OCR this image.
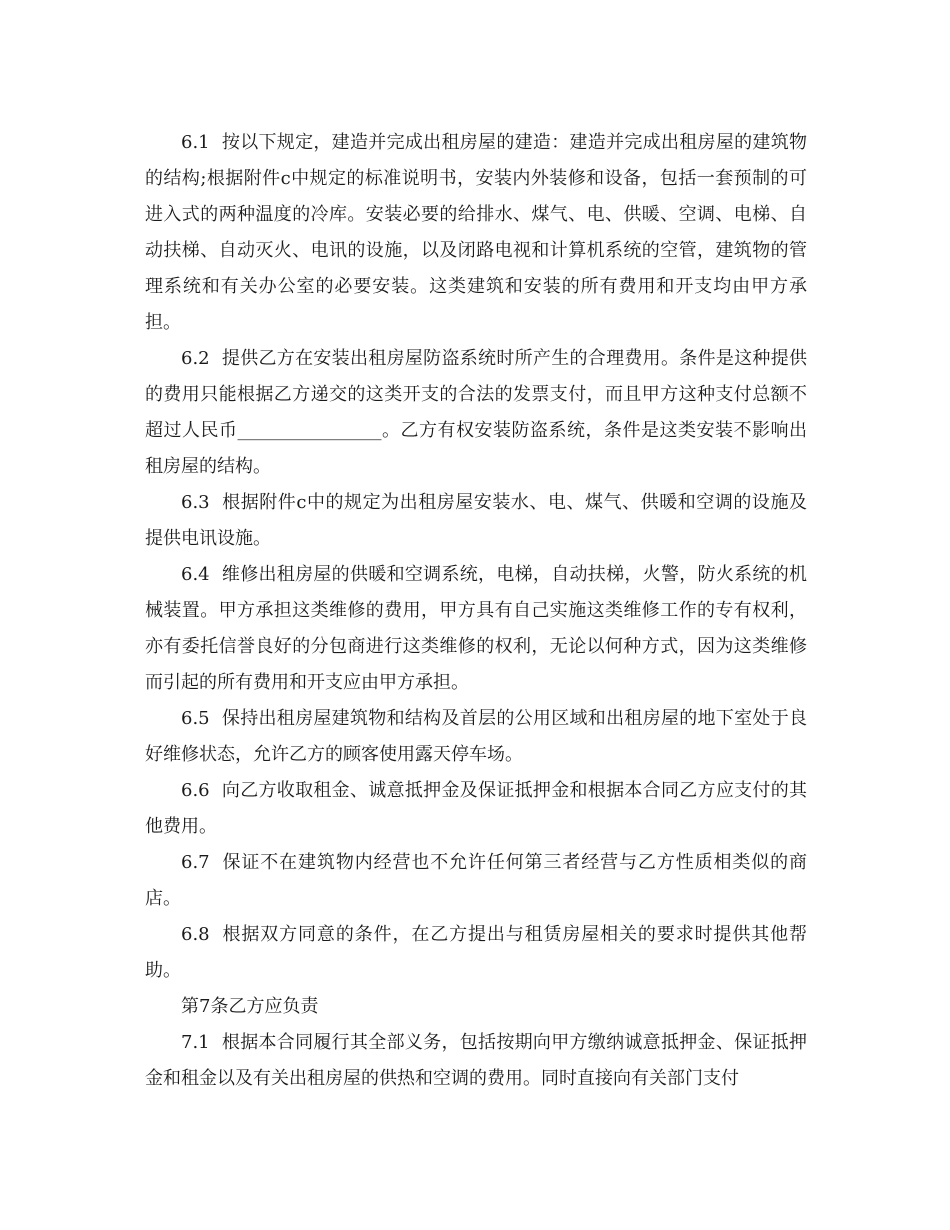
6.1 按以下规定，建造并完成出租房屋的建造：建造并完成出租房屋的建筑物的结构;根据附件c中规定的标准说明书，安装内外装修和设备，包括一套预制的可进入式的两种温度的冷库。安装必要的给排水、煤气、电、供暖、空调、电梯、自动扶梯、自动灭火、电讯的设施，以及闭路电视和计算机系统的空管，建筑物的管理系统和有关办公室的必要安装。这类建筑和安装的所有费用和开支均由甲方承担。

6.2 提供乙方在安装出租房屋防盗系统时所产生的合理费用。条件是这种提供的费用只能根据乙方递交的这类开支的合法的发票支付，而且甲方这种支付总额不超过人民币________________。乙方有权安装防盗系统，条件是这类安装不影响出租房屋的结构。

6.3 根据附件c中的规定为出租房屋安装水、电、煤气、供暖和空调的设施及提供电讯设施。

6.4 维修出租房屋的供暖和空调系统，电梯，自动扶梯，火警，防火系统的机械装置。甲方承担这类维修的费用，甲方具有自己实施这类维修工作的专有权利，亦有委托信誉良好的分包商进行这类维修的权利，无论以何种方式，因为这类维修而引起的所有费用和开支应由甲方承担。

6.5 保持出租房屋建筑物和结构及首层的公用区域和出租房屋的地下室处于良好维修状态，允许乙方的顾客使用露天停车场。

6.6 向乙方收取租金、诚意抵押金及保证抵押金和根据本合同乙方应支付的其他费用。

6.7 保证不在建筑物内经营也不允许任何第三者经营与乙方性质相类似的商店。

6.8 根据双方同意的条件，在乙方提出与租赁房屋相关的要求时提供其他帮助。

第7条乙方应负责

7.1 根据本合同履行其全部义务，包括按期向甲方缴纳诚意抵押金、保证抵押金和租金以及有关出租房屋的供热和空调的费用。同时直接向有关部门支付
